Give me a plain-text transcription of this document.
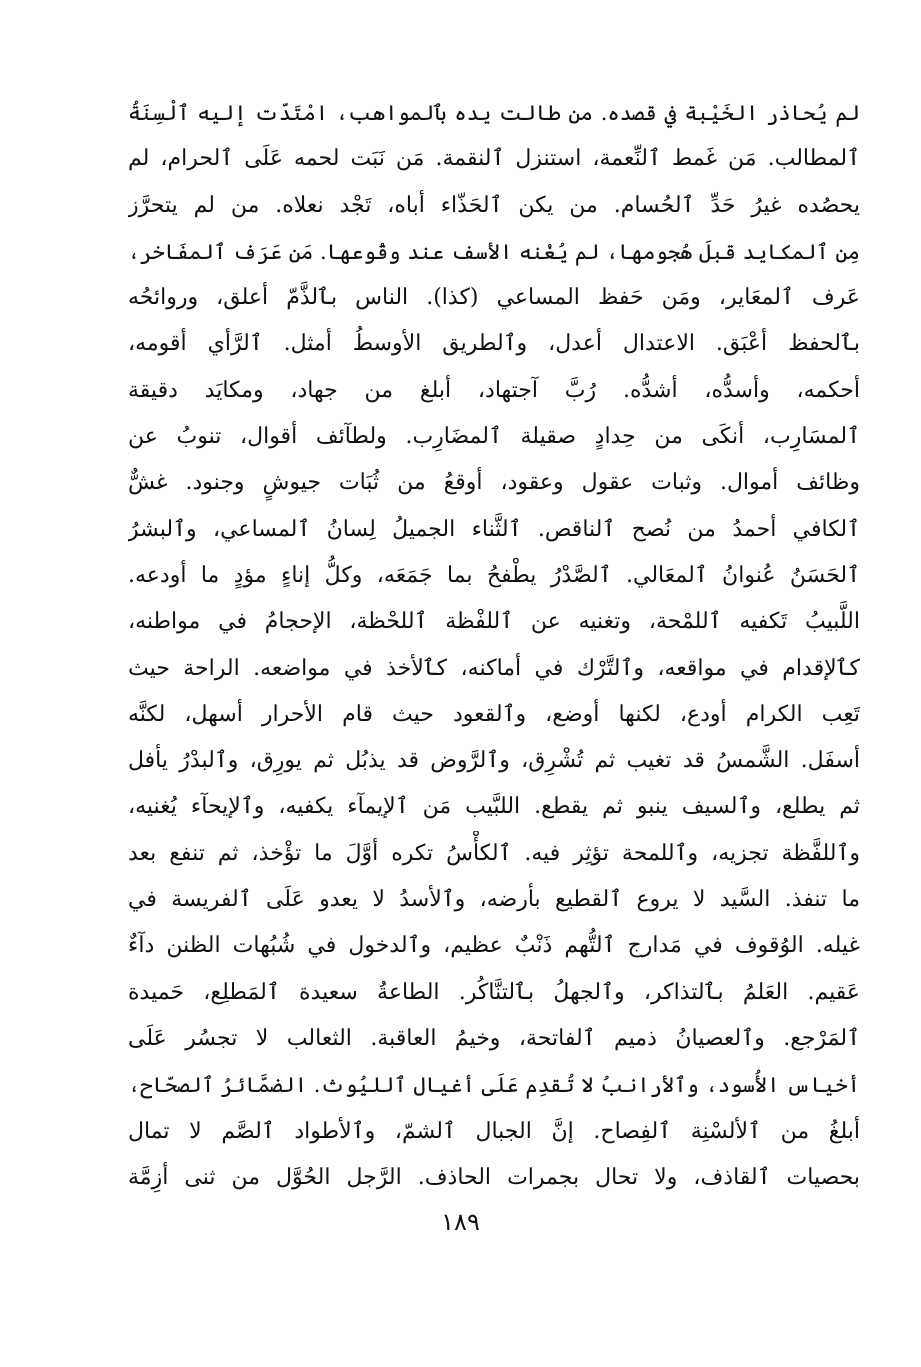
لم يُحاذر الخَيْبة في قصده. من طالت يده بٱلمواهب، امْتَدّت إليه ٱلْسِنَةُ
ٱلمطالب. مَن غَمط ٱلنِّعمة، استنزل ٱلنقمة. مَن نَبَت لحمه عَلَى ٱلحرام، لم
يحصُده غيرُ حَدِّ ٱلحُسام. من يكن ٱلحَذّاء أباه، تَجْد نعلاه. من لم يتحرَّز
مِن ٱلمكايد قبلَ هُجومها، لم يُغْنه الأسف عند وقُوعها. مَن عَرَف ٱلمفَاخر،
عَرف ٱلمعَاير، ومَن حَفظ المساعي (كذا). الناس بٱلذَّمّ أعلق، وروائحُه
بٱلحفظ أعْبَق. الاعتدال أعدل، وٱلطريق الأوسطُ أمثل. ٱلرَّأي أقومه،
أحكمه، وأسدُّه، أشدُّه. رُبَّ آجتهاد، أبلغ من جهاد، ومكايَد دقيقة
ٱلمسَارِب، أنكَى من حِدادٍ صقيلة ٱلمضَارِب. ولطآئف أقوال، تنوبُ عن
وظائف أموال. وثبات عقول وعقود، أوقعُ من ثُبَات جيوشٍ وجنود. غشٌّ
ٱلكافي أحمدُ من نُصح ٱلناقص. ٱلثَّناء الجميلُ لِسانُ ٱلمساعي، وٱلبشرُ
ٱلحَسَنُ عُنوانُ ٱلمعَالي. ٱلصَّدْرُ يطْفحُ بما جَمَعَه، وكلُّ إناءٍ مؤدٍ ما أودعه.
اللَّبيبُ تَكفيه ٱللمْحة، وتغنيه عن ٱللفْظة ٱللحْظة، الإحجامُ في مواطنه،
كٱلإقدام في مواقعه، وٱلتَّرْك في أماكنه، كٱلأخذ في مواضعه. الراحة حيث
تَعِب الكرام أودع، لكنها أوضع، وٱلقعود حيث قام الأحرار أسهل، لكنَّه
أسفَل. الشَّمسُ قد تغيب ثم تُشْرِق، وٱلرَّوض قد يذبُل ثم يورِق، وٱلبدْرُ يأفل
ثم يطلع، وٱلسيف ينبو ثم يقطع. اللبَّيب مَن ٱلإيمآء يكفيه، وٱلإيحآء يُغنيه،
وٱللفَّظة تجزيه، وٱللمحة تؤثِر فيه. ٱلكأْسُ تكره أوَّلَ ما تؤْخذ، ثم تنفع بعد
ما تنفذ. السَّيد لا يروع ٱلقطيع بأرضه، وٱلأسدُ لا يعدو عَلَى ٱلفريسة في
غيله. الوُقوف في مَدارج ٱلتُّهم ذَنْبٌ عظيم، وٱلدخول في شُبُهات الظنن دآءٌ
عَقيم. العَلمُ بٱلتذاكر، وٱلجهلُ بٱلتنَّاكُر. الطاعةُ سعيدة ٱلمَطلِع، حَميدة
ٱلمَرْجع. وٱلعصيانُ ذميم ٱلفاتحة، وخيمُ العاقبة. الثعالب لا تجسُر عَلَى
أخياس الأُسود، وٱلأرانبُ لا تُقدِم عَلَى أغيال ٱلليُوث. الضمَّائرُ ٱلصحّاح،
أبلغُ من ٱلألسْنِة ٱلفِصاح. إنَّ الجبال ٱلشمّ، وٱلأطواد ٱلصَّم لا تمال
بحصيات ٱلقاذف، ولا تحال بجمرات الحاذف. الرَّجل الحُوَّل من ثنى أزِمَّة
١٨٩
